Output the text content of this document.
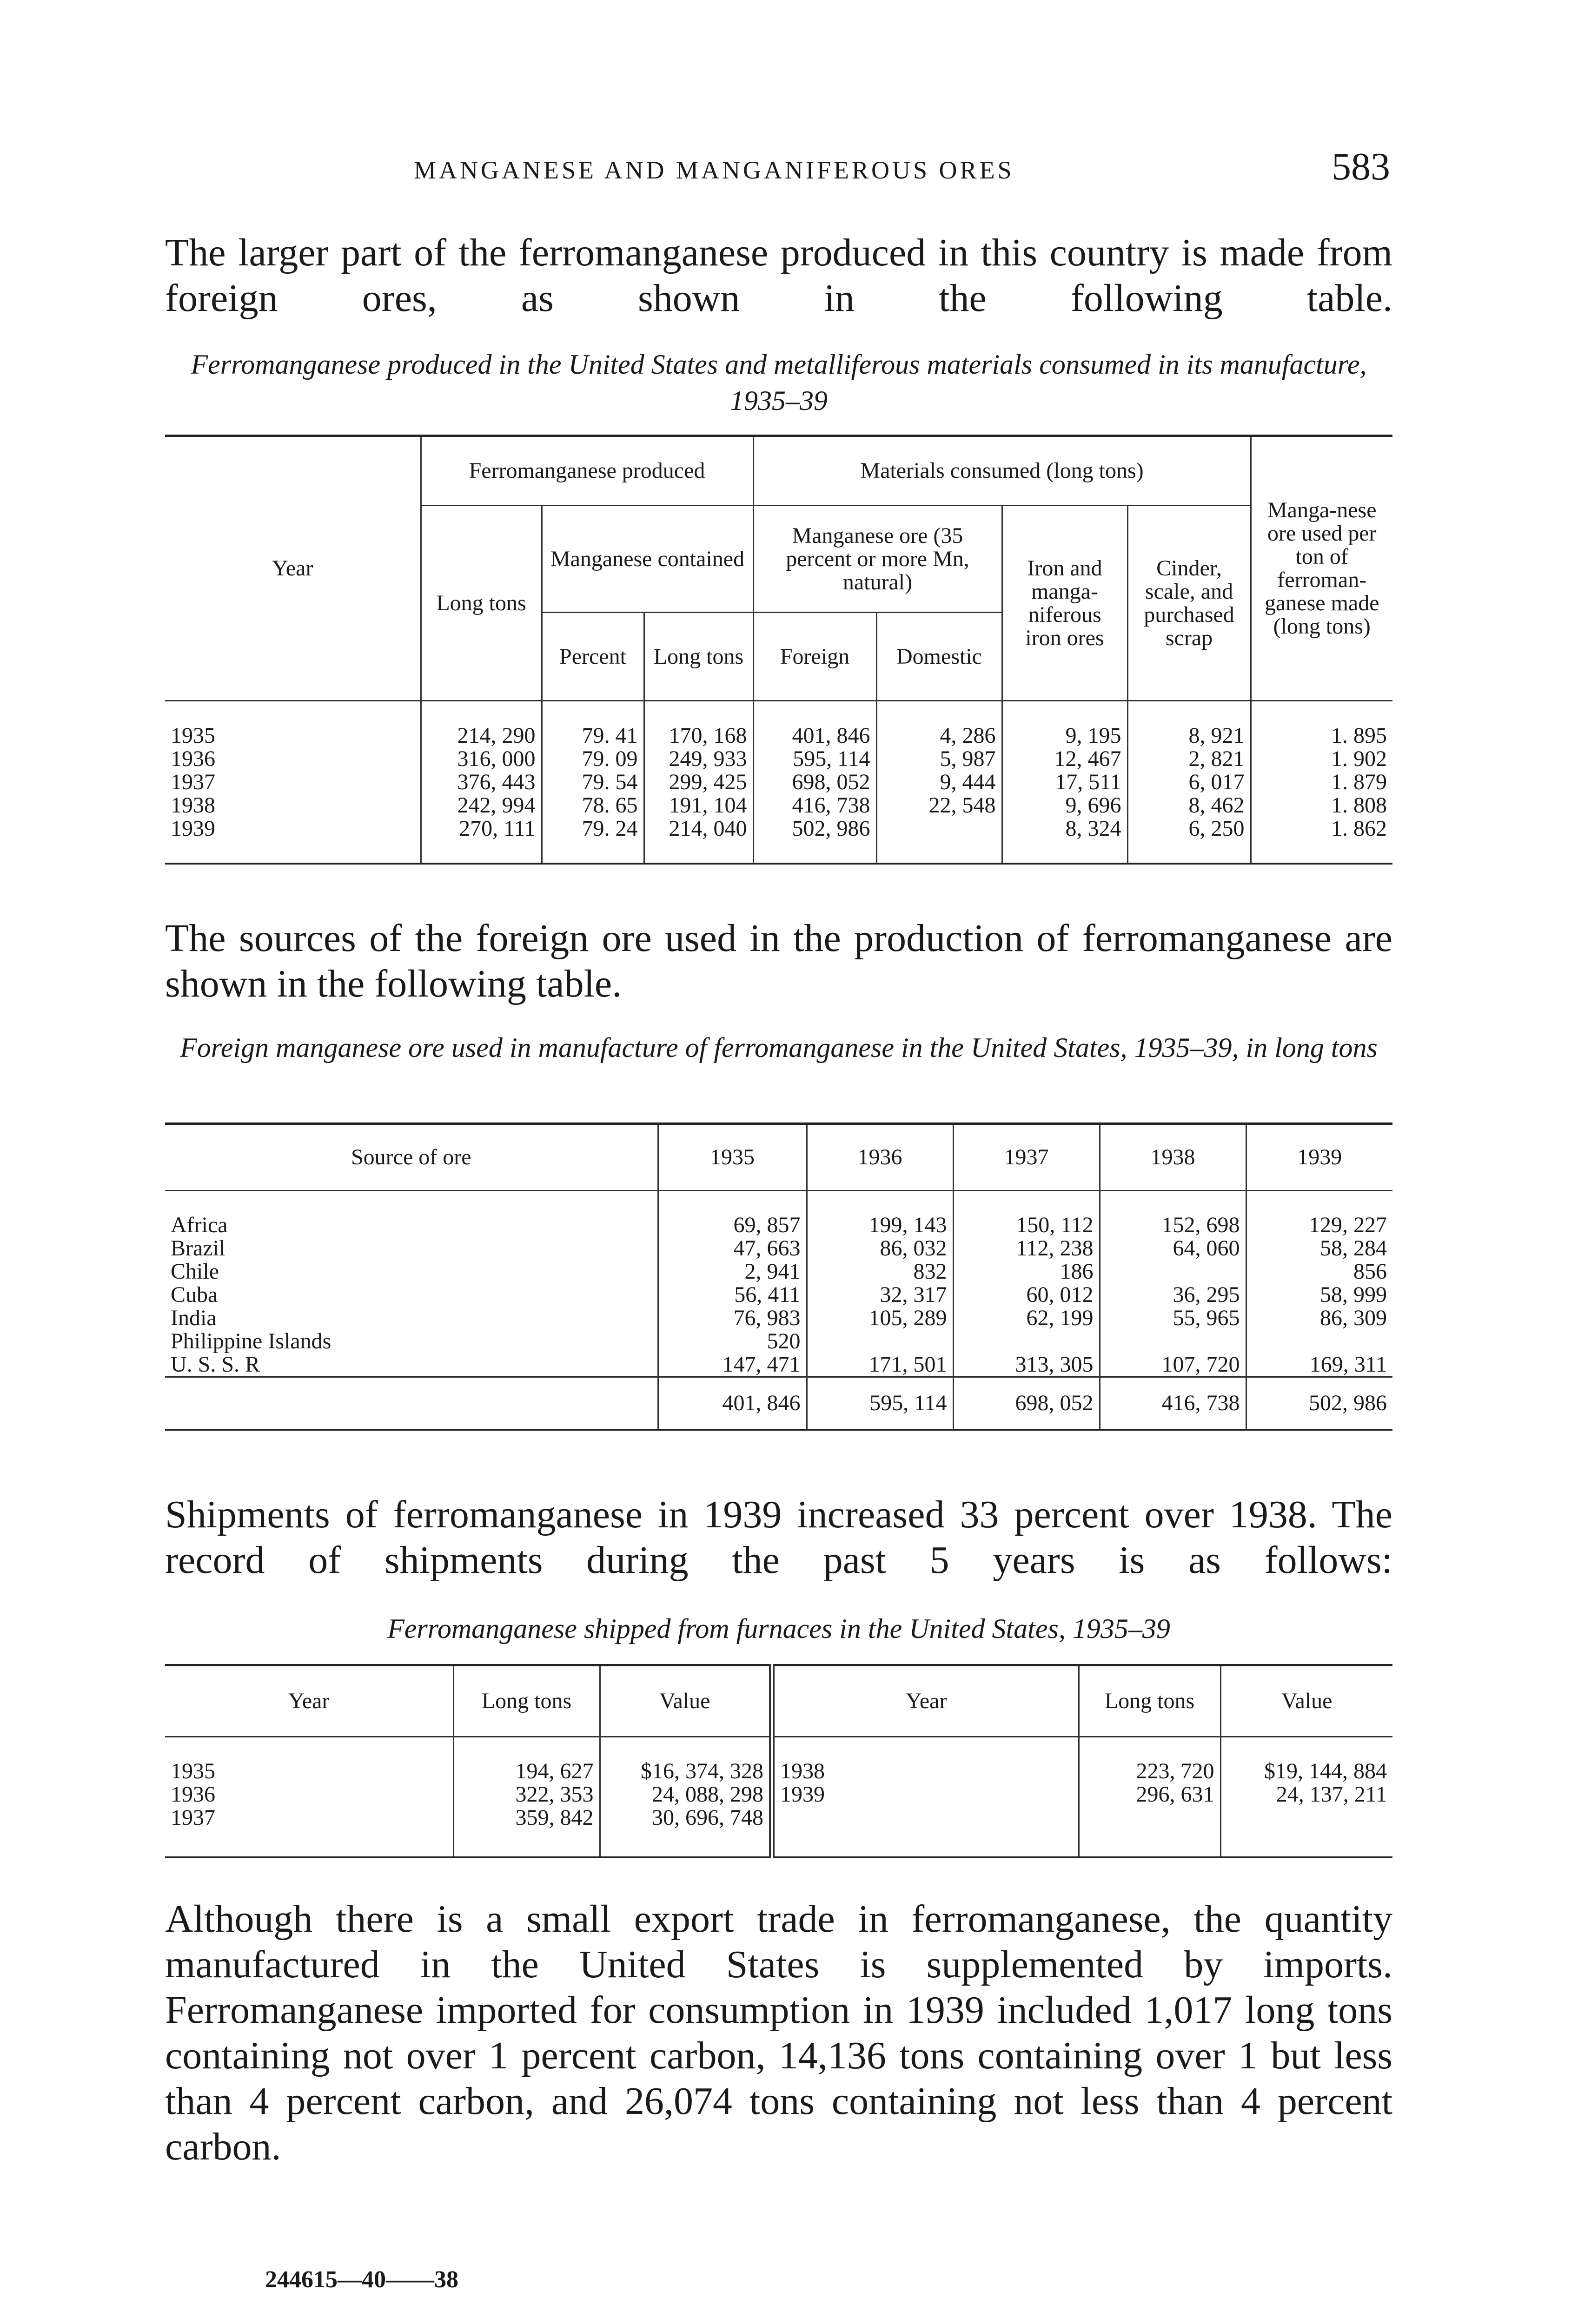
MANGANESE AND MANGANIFEROUS ORES	583

The larger part of the ferromanganese produced in this country is made from foreign ores, as shown in the following table.

Ferromanganese produced in the United States and metalliferous materials consumed in its manufacture, 1935–39

Year	Ferromanganese produced			Materials consumed (long tons)				Manga-nese ore used per ton of ferroman-ganese made (long tons)
	Long tons	Manganese contained		Manganese ore (35 percent or more Mn, natural)		Iron and manga-niferous iron ores	Cinder, scale, and purchased scrap	
		Percent	Long tons	Foreign	Domestic			

1935	214, 290	79. 41	170, 168	401, 846	4, 286	9, 195	8, 921	1. 895
1936	316, 000	79. 09	249, 933	595, 114	5, 987	12, 467	2, 821	1. 902
1937	376, 443	79. 54	299, 425	698, 052	9, 444	17, 511	6, 017	1. 879
1938	242, 994	78. 65	191, 104	416, 738	22, 548	9, 696	8, 462	1. 808
1939	270, 111	79. 24	214, 040	502, 986		8, 324	6, 250	1. 862

The sources of the foreign ore used in the production of ferromanganese are shown in the following table.

Foreign manganese ore used in manufacture of ferromanganese in the United States, 1935–39, in long tons

Source of ore	1935	1936	1937	1938	1939

Africa	69, 857	199, 143	150, 112	152, 698	129, 227
Brazil	47, 663	86, 032	112, 238	64, 060	58, 284
Chile	2, 941	832	186		856
Cuba	56, 411	32, 317	60, 012	36, 295	58, 999
India	76, 983	105, 289	62, 199	55, 965	86, 309
Philippine Islands	520				
U. S. S. R	147, 471	171, 501	313, 305	107, 720	169, 311
	401, 846	595, 114	698, 052	416, 738	502, 986

Shipments of ferromanganese in 1939 increased 33 percent over 1938. The record of shipments during the past 5 years is as follows:

Ferromanganese shipped from furnaces in the United States, 1935–39

Year	Long tons	Value	Year	Long tons	Value

1935	194, 627	$16, 374, 328	1938	223, 720	$19, 144, 884
1936	322, 353	24, 088, 298	1939	296, 631	24, 137, 211
1937	359, 842	30, 696, 748			

Although there is a small export trade in ferromanganese, the quantity manufactured in the United States is supplemented by imports. Ferromanganese imported for consumption in 1939 included 1,017 long tons containing not over 1 percent carbon, 14,136 tons containing over 1 but less than 4 percent carbon, and 26,074 tons containing not less than 4 percent carbon.

244615—40——38
